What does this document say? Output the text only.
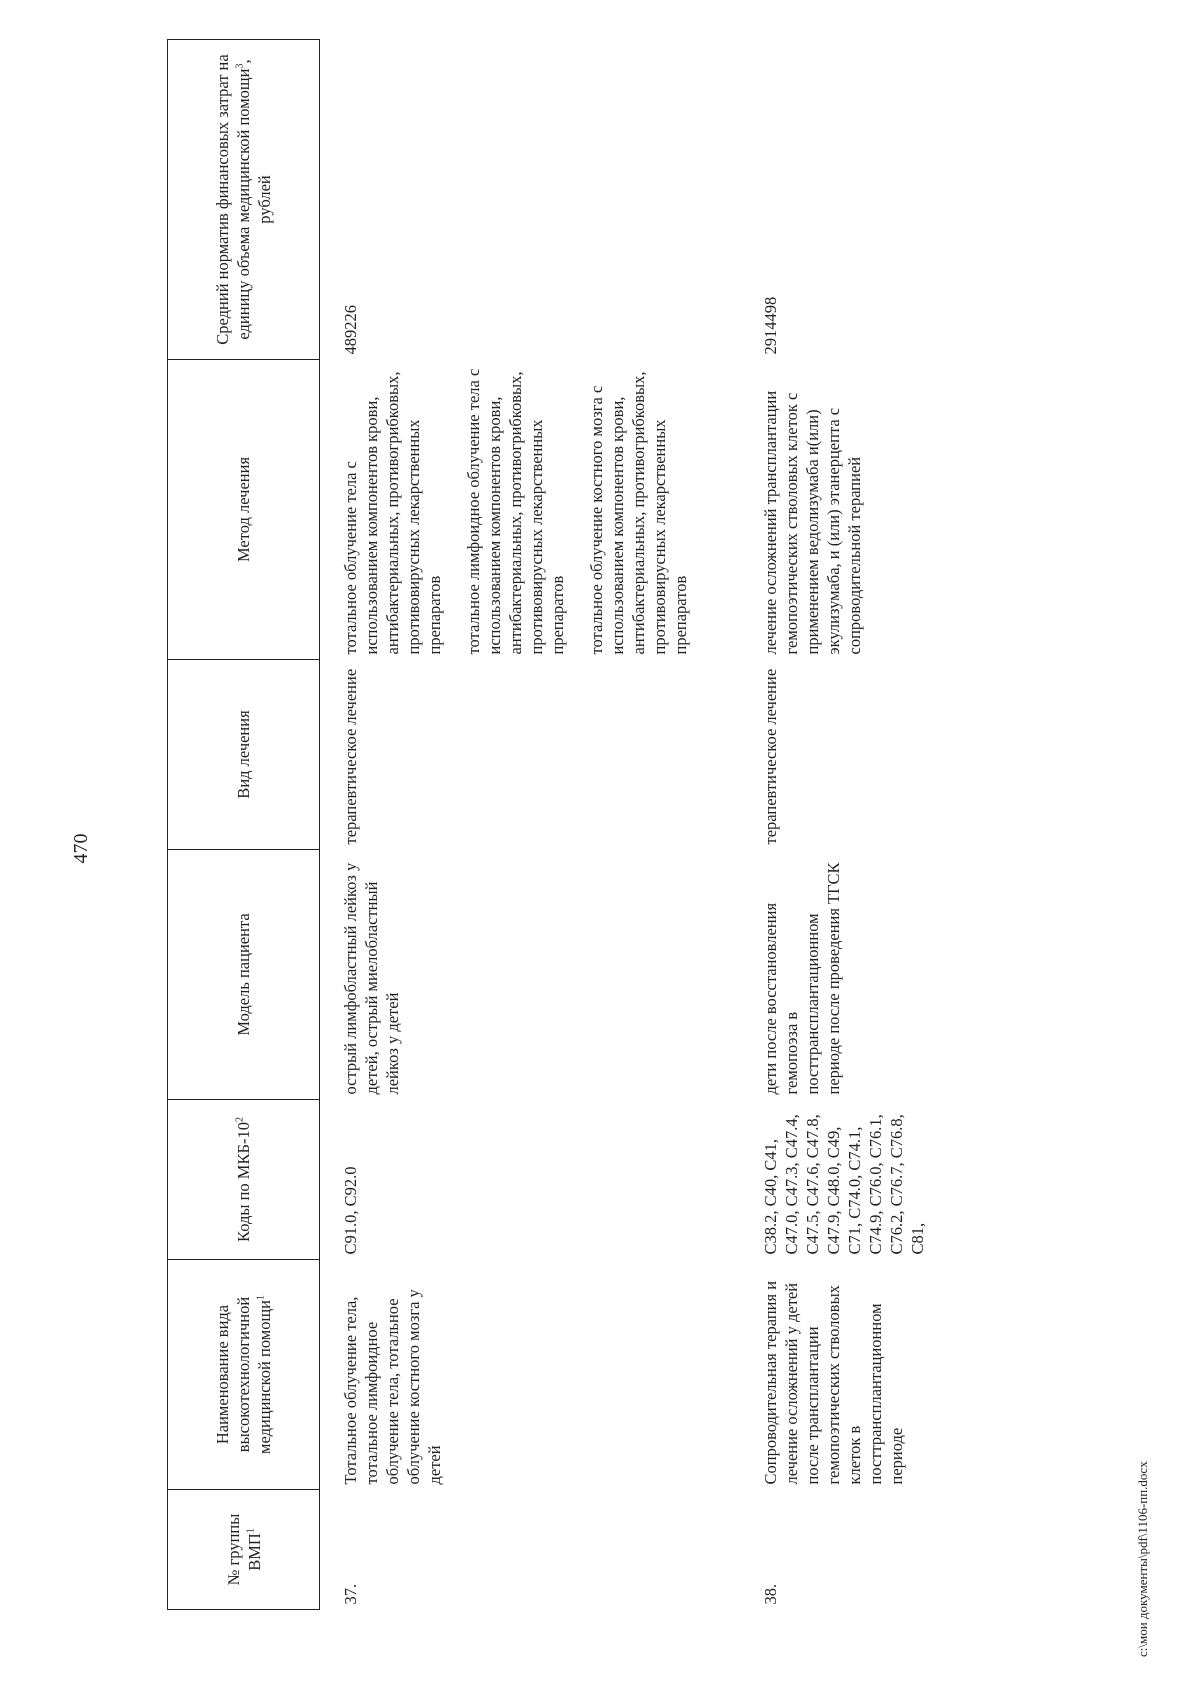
470
№ группы ВМП$^1$	Наименование вида высокотехнологичной медицинской помощи$^1$	Коды по МКБ-$10^2$	Модель пациента	Вид лечения	Метод лечения	Средний норматив финансовых затрат на единицу объема медицинской помощи$^3$, рублей
37.	Тотальное облучение тела, тотальное лимфоидное облучение тела, тотальное облучение костного мозга у детей	C91.0, C92.0	острый лимфобластный лейкоз у детей, острый миелобластный лейкоз у детей	терапевтическое лечение	тотальное облучение тела с использованием компонентов крови, антибактериальных, противогрибковых, противовирусных лекарственных препаратов тотальное лимфоидное облучение тела с использованием компонентов крови, антибактериальных, противогрибковых, противовирусных лекарственных препаратов тотальное облучение костного мозга с использованием компонентов крови, антибактериальных, противогрибковых, противовирусных лекарственных препаратов	489226
38.	Сопроводительная терапия и лечение осложнений у детей после трансплантации гемопоэтических стволовых клеток в посттрансплантационном периоде	C38.2, C40, C41, C47.0, C47.3, C47.4, C47.5, C47.6, C47.8, C47.9, C48.0, C49, C71, C74.0, C74.1, C74.9, C76.0, C76.1, C76.2, C76.7, C76.8, C81,	дети после восстановления гемопоэза в посттрансплантационном периоде после проведения ТГСК	терапевтическое лечение	лечение осложнений трансплантации гемопоэтических стволовых клеток с применением ведолизумаба и(или) экулизумаба, и (или) этанерцепта с сопроводительной терапией	2914498
c:\мои документы\pdf\1106-пп.docx
